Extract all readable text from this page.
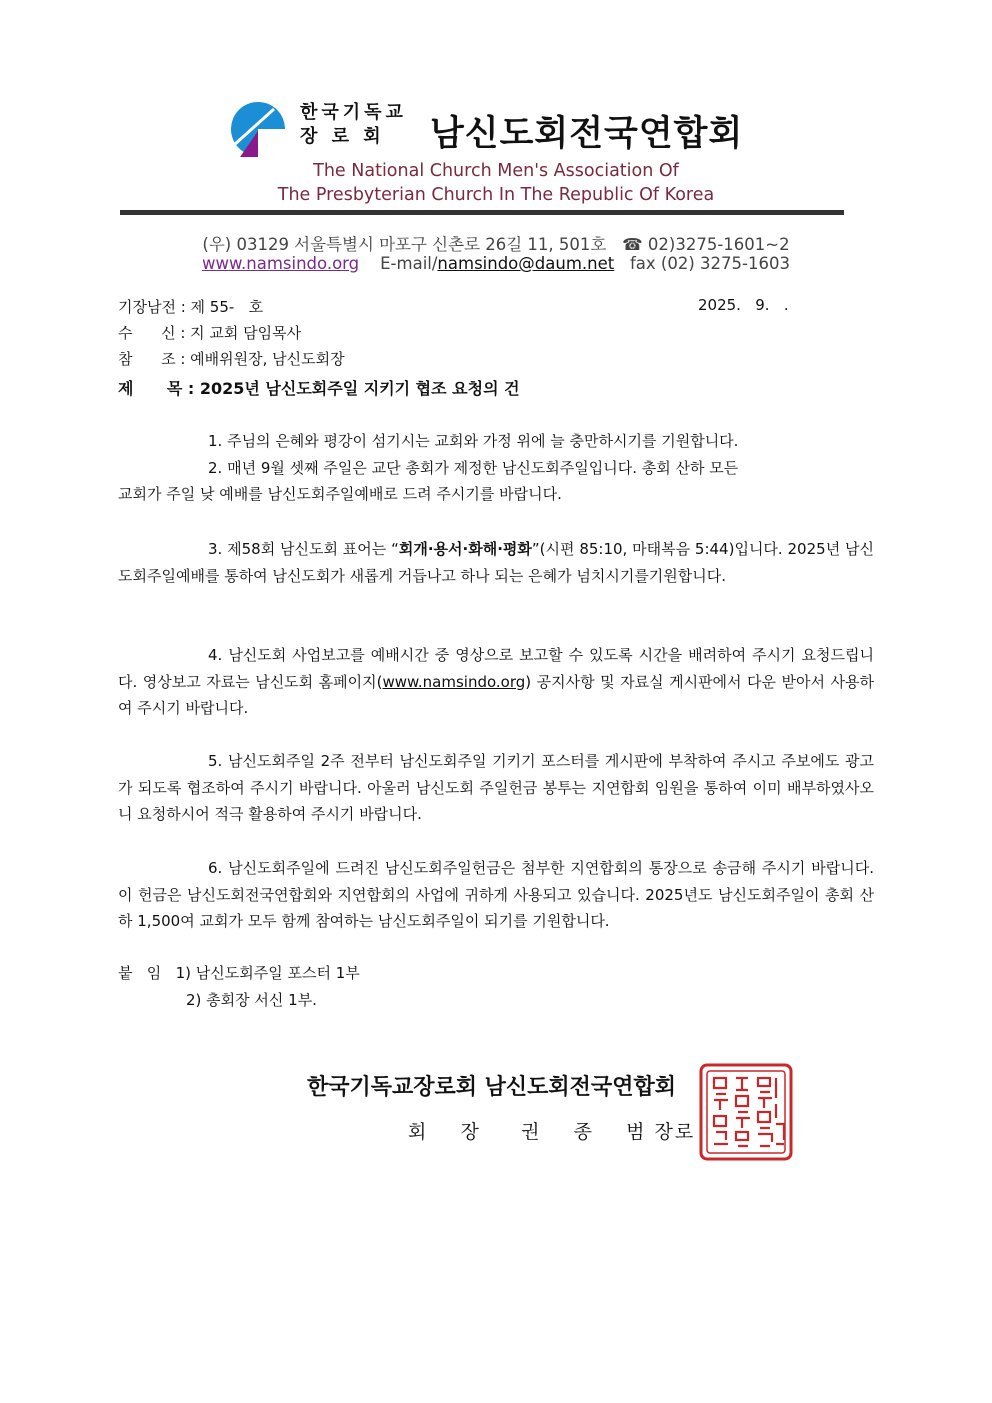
한국기독교
장 로 회	남신도회전국연합회
The National Church Men's Association Of
The Presbyterian Church In The Republic Of Korea
(우) 03129 서울특별시 마포구 신촌로 26길 11, 501호 ☎ 02)3275-1601~2
www.namsindo.org E-mail/namsindo@daum.net fax (02) 3275-1603
기장남전 : 제 55-   호	2025.   9.   .
수      신 : 지 교회 담임목사
참      조 : 예배위원장, 남신도회장
제      목 : 2025년 남신도회주일 지키기 협조 요청의 건
1. 주님의 은혜와 평강이 섬기시는 교회와 가정 위에 늘 충만하시기를 기원합니다.
2. 매년 9월 셋째 주일은 교단 총회가 제정한 남신도회주일입니다. 총회 산하 모든
교회가 주일 낮 예배를 남신도회주일예배로 드려 주시기를 바랍니다.
3. 제58회 남신도회 표어는 “회개·용서·화해·평화”(시편 85:10, 마태복음 5:44)입니다. 2025년 남신도회주일예배를 통하여 남신도회가 새롭게 거듭나고 하나 되는 은혜가 넘치시기를기원합니다.
4. 남신도회 사업보고를 예배시간 중 영상으로 보고할 수 있도록 시간을 배려하여 주시기 요청드립니다. 영상보고 자료는 남신도회 홈페이지(www.namsindo.org) 공지사항 및 자료실 게시판에서 다운 받아서 사용하여 주시기 바랍니다.
5. 남신도회주일 2주 전부터 남신도회주일 기키기 포스터를 게시판에 부착하여 주시고 주보에도 광고가 되도록 협조하여 주시기 바랍니다. 아울러 남신도회 주일헌금 봉투는 지연합회 임원을 통하여 이미 배부하였사오니 요청하시어 적극 활용하여 주시기 바랍니다.
6. 남신도회주일에 드려진 남신도회주일헌금은 첨부한 지연합회의 통장으로 송금해 주시기 바랍니다. 이 헌금은 남신도회전국연합회와 지연합회의 사업에 귀하게 사용되고 있습니다. 2025년도 남신도회주일이 총회 산하 1,500여 교회가 모두 함께 참여하는 남신도회주일이 되기를 기원합니다.
붙   임   1) 남신도회주일 포스터 1부
2) 총회장 서신 1부.
한국기독교장로회 남신도회전국연합회
회    장     권    종    범 장로
